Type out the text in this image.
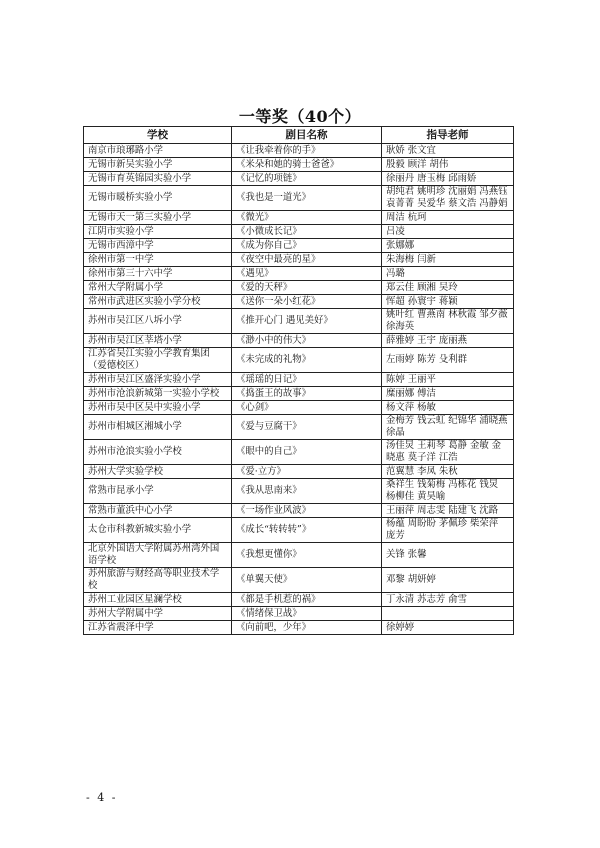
一等奖（40个）
学校	剧目名称	指导老师
南京市琅琊路小学	《让我牵着你的手》	耿娇 张文宜
无锡市新吴实验小学	《米朵和她的骑士爸爸》	殷毅 顾洋 胡伟
无锡市育英锦园实验小学	《记忆的项链》	徐丽丹 唐玉梅 邱雨娇
无锡市暖桥实验小学	《我也是一道光》	胡纯君 姚明珍 沈丽娟 冯燕钰 袁菁菁 吴爱华 蔡文浩 冯静娟
无锡市天一第三实验小学	《微光》	周洁 杭珂
江阴市实验小学	《小微成长记》	吕凌
无锡市西漳中学	《成为你自己》	张娜娜
徐州市第一中学	《夜空中最亮的星》	朱海梅 闫新
徐州市第三十六中学	《遇见》	冯璐
常州大学附属小学	《爱的天秤》	郑云佳 顾湘 吴玲
常州市武进区实验小学分校	《送你一朵小红花》	恽超 孙寰宇 蒋颖
苏州市吴江区八坼小学	《推开心门 遇见美好》	姚叶红 曹燕南 林秋霞 邹夕薇 徐海英
苏州市吴江区莘塔小学	《渺小中的伟大》	薛雅婷 王宇 庞丽燕
江苏省吴江实验小学教育集团（爱德校区）	《未完成的礼物》	左雨婷 陈芳 殳利群
苏州市吴江区盛泽实验小学	《瑶瑶的日记》	陈婷 王丽平
苏州市沧浪新城第一实验小学校	《捣蛋王的故事》	糜丽娜 傅洁
苏州市吴中区吴中实验小学	《心剑》	杨文萍 杨敏
苏州市相城区湘城小学	《爱与豆腐干》	金梅芳 钱云虹 纪锦华 浦晓燕 徐晶
苏州市沧浪实验小学校	《眼中的自己》	汤佳炅 王莉琴 葛静 金敏 金晓惠 莫子洋 江浩
苏州大学实验学校	《爱·立方》	范翼慧 李凤 朱秋
常熟市昆承小学	《我从思南来》	桑祥生 钱菊梅 冯栋花 钱炅 杨柳佳 黄昊喻
常熟市董浜中心小学	《一场作业风波》	王丽萍 周志雯 陆建飞 沈路
太仓市科教新城实验小学	《成长“转转转”》	杨蕴 周盼盼 茅佩珍 柴荣萍 庞芳
北京外国语大学附属苏州湾外国语学校	《我想更懂你》	关锋 张馨
苏州旅游与财经高等职业技术学校	《单翼天使》	邓黎 胡妍婷
苏州工业园区星澜学校	《都是手机惹的祸》	丁永清 苏志芳 俞雪
苏州大学附属中学	《情绪保卫战》	
江苏省震泽中学	《向前吧，少年》	徐婷婷
- 4 -
